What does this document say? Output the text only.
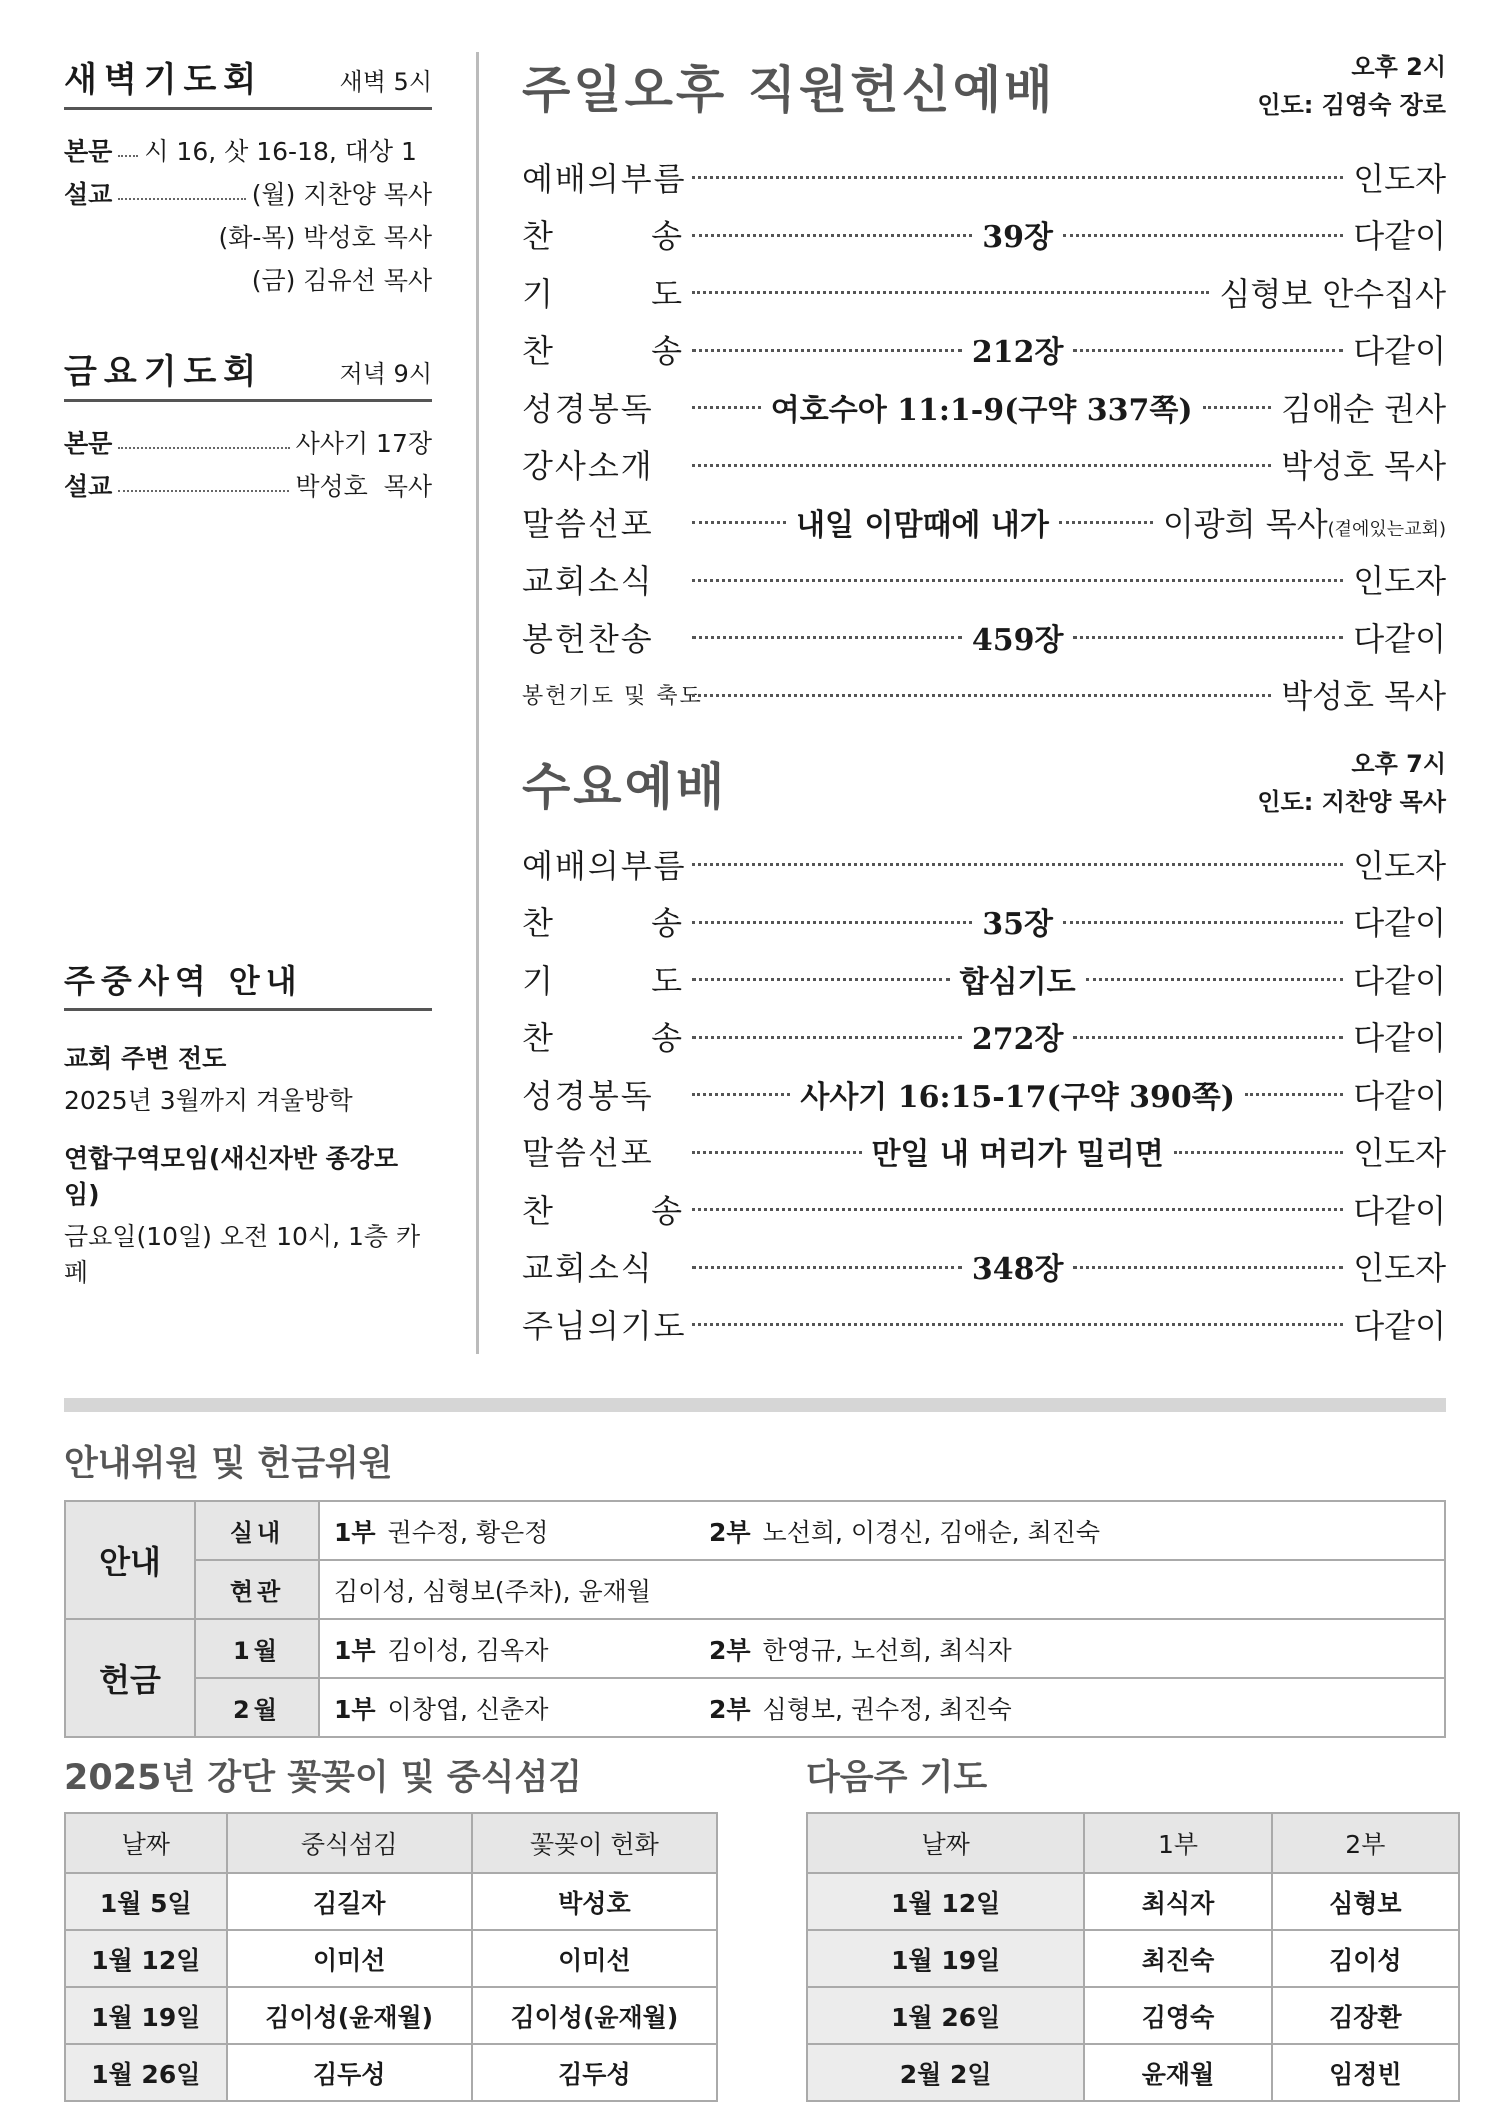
새벽기도회	새벽 5시
본문 시 16, 삿 16-18, 대상 1
설교	(월) 지찬양 목사
(화-목) 박성호 목사
(금) 김유선 목사
금요기도회	저녁 9시
본문	사사기 17장
설교	박성호  목사
주중사역 안내
교회 주변 전도
2025년 3월까지 겨울방학
연합구역모임(새신자반 종강모임)
금요일(10일) 오전 10시, 1층 카페
주일오후 직원헌신예배	오후 2시
인도: 김영숙 장로
예배의부름	인도자
찬	송	39장	다같이
기	도	심형보 안수집사
찬	송	212장	다같이
성경봉독	여호수아 11:1-9(구약 337쪽)	김애순 권사
강사소개	박성호 목사
말씀선포	내일 이맘때에 내가	이광희 목사(곁에있는교회)
교회소식	인도자
봉헌찬송	459장	다같이
봉헌기도 및 축도	박성호 목사
수요예배	오후 7시
인도: 지찬양 목사
예배의부름	인도자
찬	송	35장	다같이
기	도	합심기도	다같이
찬	송	272장	다같이
성경봉독	사사기 16:15-17(구약 390쪽)	다같이
말씀선포	만일 내 머리가 밀리면	인도자
찬	송	다같이
교회소식	348장	인도자
주님의기도	다같이
안내위원 및 헌금위원
안내	실내	1부 권수정, 황은정	2부 노선희, 이경신, 김애순, 최진숙
	현관	김이성, 심형보(주차), 윤재월	
헌금	1월	1부 김이성, 김옥자	2부 한영규, 노선희, 최식자
	2월	1부 이창엽, 신춘자	2부 심형보, 권수정, 최진숙
2025년 강단 꽃꽂이 및 중식섬김
날짜	중식섬김	꽃꽂이 헌화
1월 5일	김길자	박성호
1월 12일	이미선	이미선
1월 19일	김이성(윤재월)	김이성(윤재월)
1월 26일	김두성	김두성
다음주 기도
날짜	1부	2부
1월 12일	최식자	심형보
1월 19일	최진숙	김이성
1월 26일	김영숙	김장환
2월 2일	윤재월	임정빈
